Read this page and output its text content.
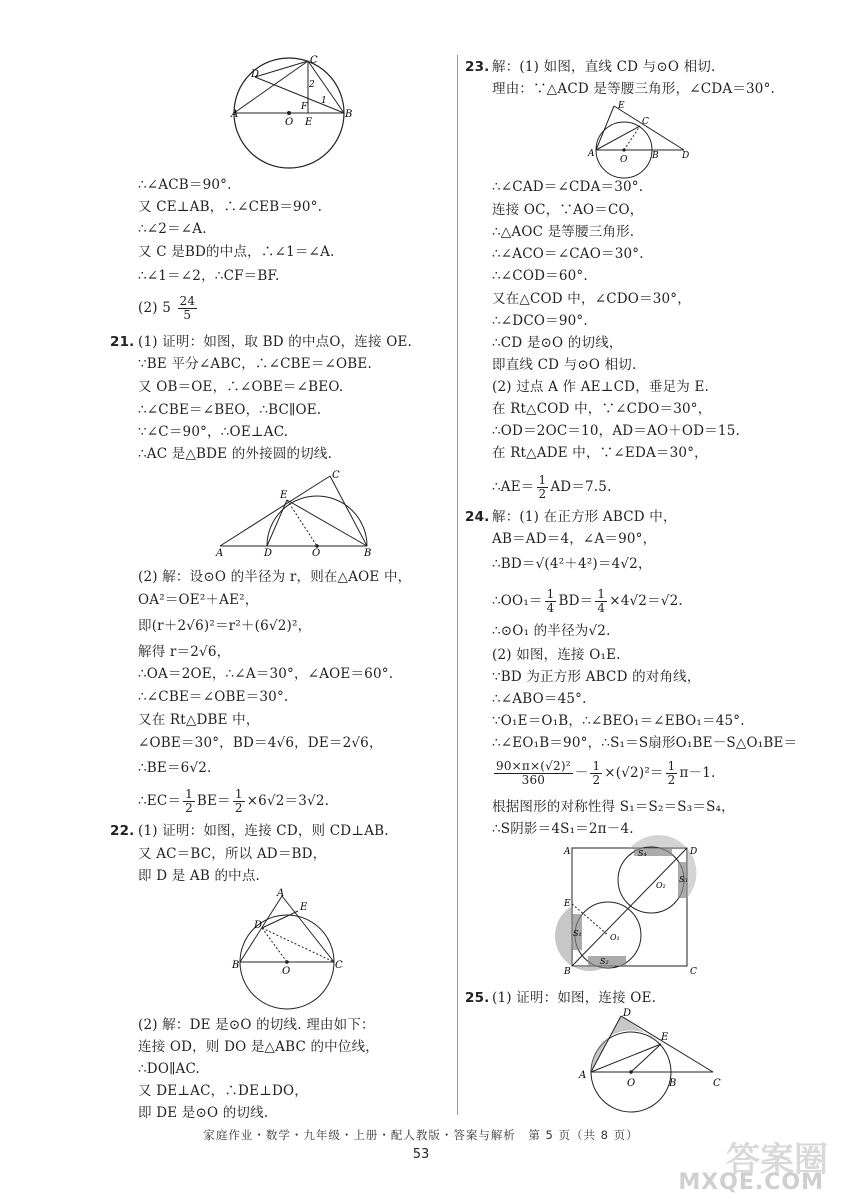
D
C
A	B
O E
F
2
1
∴∠ACB＝90°.
又 CE⊥AB，∴∠CEB＝90°.
∴∠2＝∠A.
又 C 是BD的中点，∴∠1＝∠A.
∴∠1＝∠2，∴CF＝BF.
(2) $5 \frac{24}{5}$
21. (1) 证明：如图，取 BD 的中点O，连接 OE.
∵BE 平分∠ABC，∴∠CBE＝∠OBE.
又 OB＝OE，∴∠OBE＝∠BEO.
∴∠CBE＝∠BEO，∴BC∥OE.
∵∠C＝90°，∴OE⊥AC.
∴AC 是△BDE 的外接圆的切线.
A	D	O	B
E
C
(2) 解：设⊙O 的半径为 r，则在△AOE 中，
OA²＝OE²＋AE²，
即(r＋2√6)²＝r²＋(6√2)²，
解得 r＝2√6，
∴OA＝2OE，∴∠A＝30°，∠AOE＝60°.
∴∠CBE＝∠OBE＝30°.
又在 Rt△DBE 中，
∠OBE＝30°，BD＝4√6，DE＝2√6，
∴BE＝6√2.
∴EC＝ $\frac{1}{2} BE= \frac{1}{2} \times 6√2=3√2$.
22. (1) 证明：如图，连接 CD，则 CD⊥AB.
又 AC＝BC，所以 AD＝BD，
即 D 是 AB 的中点.
A
D
E
B	C
O
(2) 解：DE 是⊙O 的切线. 理由如下：
连接 OD，则 DO 是△ABC 的中位线，
∴DO∥AC.
又 DE⊥AC，∴DE⊥DO，
即 DE 是⊙O 的切线.
23. 解：(1) 如图，直线 CD 与⊙O 相切.
理由：∵△ACD 是等腰三角形，∠CDA＝30°.
E
C
A
O	B	D
∴∠CAD＝∠CDA＝30°.
连接 OC，∵AO＝CO，
∴△AOC 是等腰三角形.
∴∠ACO＝∠CAO＝30°.
∴∠COD＝60°.
又在△COD 中，∠CDO＝30°，
∴∠DCO＝90°.
∴CD 是⊙O 的切线，
即直线 CD 与⊙O 相切.
(2) 过点 A 作 AE⊥CD，垂足为 E.
在 Rt△COD 中，∵∠CDO＝30°，
∴OD＝2OC＝10，AD＝AO＋OD＝15.
在 Rt△ADE 中，∵∠EDA＝30°，
∴AE＝ $\frac{1}{2} AD=7.5$.
24. 解：(1) 在正方形 ABCD 中，
AB＝AD＝4，∠A＝90°，
∴BD＝√(4²＋4²)＝4√2，
∴OO₁＝ $\frac{1}{4} BD= \frac{1}{4} \times 4√2=√2$.
∴⊙O₁ 的半径为√2.
(2) 如图，连接 O₁E.
∵BD 为正方形 ABCD 的对角线，
∴∠ABO＝45°.
∵O₁E＝O₁B，∴∠BEO₁＝∠EBO₁＝45°.
∴∠EO₁B＝90°，∴S₁＝S扇形O₁BE－S△O₁BE＝
$\frac{\text{90×π×(√2)²}}{360} - \frac{1}{2} \times(√2)^2= \frac{1}{2} \pi-1$.
根据图形的对称性得 S₁＝S₂＝S₃＝S₄，
∴S阴影＝4S₁＝2π－4.
A	D
B	C
E
O₂
O₁
S₄
S₃
S₁
S₂
25. (1) 证明：如图，连接 OE.
D
E
A
O	B	C
家庭作业・数学・九年级・上册・配人教版・答案与解析　第 5 页（共 8 页）
53	答案圈
MXQE.COM
